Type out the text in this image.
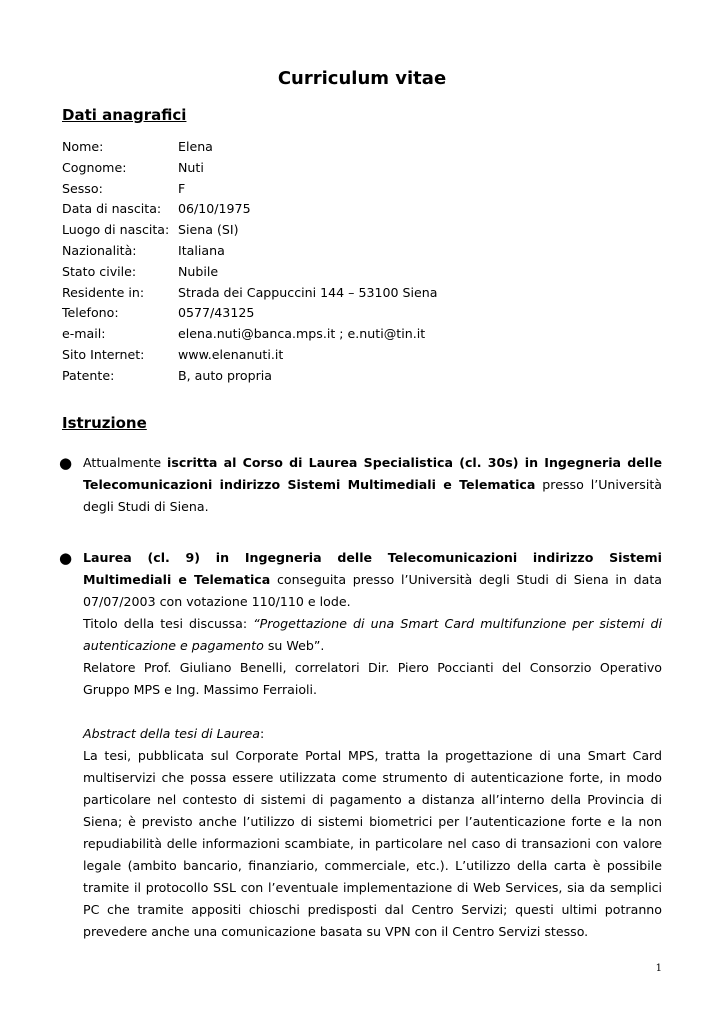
Curriculum vitae
Dati anagrafici
Nome:	Elena
Cognome:	Nuti
Sesso:	F
Data di nascita: 06/10/1975
Luogo di nascita: Siena (SI)
Nazionalità:	Italiana
Stato civile:	Nubile
Residente in:	Strada dei Cappuccini 144 – 53100 Siena
Telefono:	0577/43125
e-mail:	elena.nuti@banca.mps.it ; e.nuti@tin.it
Sito Internet:	www.elenanuti.it
Patente:	B, auto propria
Istruzione
● Attualmente iscritta al Corso di Laurea Specialistica (cl. 30s) in Ingegneria delle Telecomunicazioni indirizzo Sistemi Multimediali e Telematica presso l’Università degli Studi di Siena.
● Laurea (cl. 9) in Ingegneria delle Telecomunicazioni indirizzo Sistemi Multimediali e Telematica conseguita presso l’Università degli Studi di Siena in data 07/07/2003 con votazione 110/110 e lode.
Titolo della tesi discussa: “Progettazione di una Smart Card multifunzione per sistemi di autenticazione e pagamento su Web”.
Relatore Prof. Giuliano Benelli, correlatori Dir. Piero Poccianti del Consorzio Operativo Gruppo MPS e Ing. Massimo Ferraioli.
Abstract della tesi di Laurea:
La tesi, pubblicata sul Corporate Portal MPS, tratta la progettazione di una Smart Card multiservizi che possa essere utilizzata come strumento di autenticazione forte, in modo particolare nel contesto di sistemi di pagamento a distanza all’interno della Provincia di Siena; è previsto anche l’utilizzo di sistemi biometrici per l’autenticazione forte e la non repudiabilità delle informazioni scambiate, in particolare nel caso di transazioni con valore legale (ambito bancario, finanziario, commerciale, etc.). L’utilizzo della carta è possibile tramite il protocollo SSL con l’eventuale implementazione di Web Services, sia da semplici PC che tramite appositi chioschi predisposti dal Centro Servizi; questi ultimi potranno prevedere anche una comunicazione basata su VPN con il Centro Servizi stesso.
1
